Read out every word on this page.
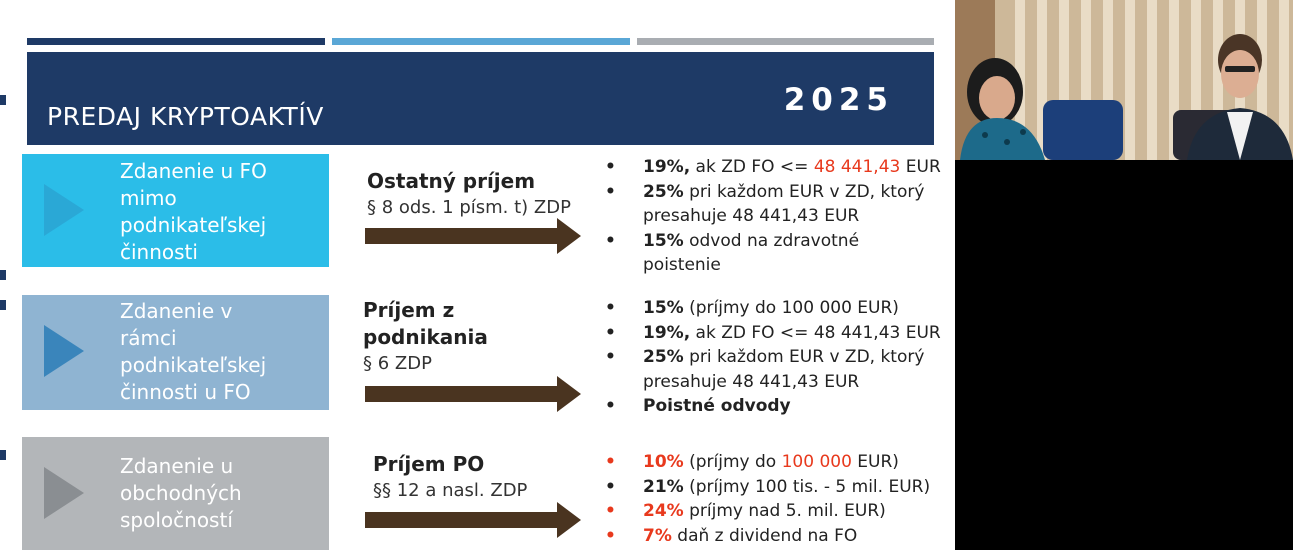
PREDAJ KRYPTOAKTÍV	2025
Zdanenie u FO
mimo
podnikateľskej
činnosti
Ostatný príjem
§ 8 ods. 1 písm. t) ZDP
• 19%, ak ZD FO <= 48 441,43 EUR
• 25% pri každom EUR v ZD, ktorý
presahuje 48 441,43 EUR
• 15% odvod na zdravotné
poistenie
Zdanenie v
rámci
podnikateľskej
činnosti u FO
Príjem z
podnikania
§ 6 ZDP
• 15% (príjmy do 100 000 EUR)
• 19%, ak ZD FO <= 48 441,43 EUR
• 25% pri každom EUR v ZD, ktorý
presahuje 48 441,43 EUR
• Poistné odvody
Zdanenie u
obchodných
spoločností
Príjem PO
§§ 12 a nasl. ZDP
• 10% (príjmy do 100 000 EUR)
• 21% (príjmy 100 tis. - 5 mil. EUR)
• 24% príjmy nad 5. mil. EUR)
• 7% daň z dividend na FO
